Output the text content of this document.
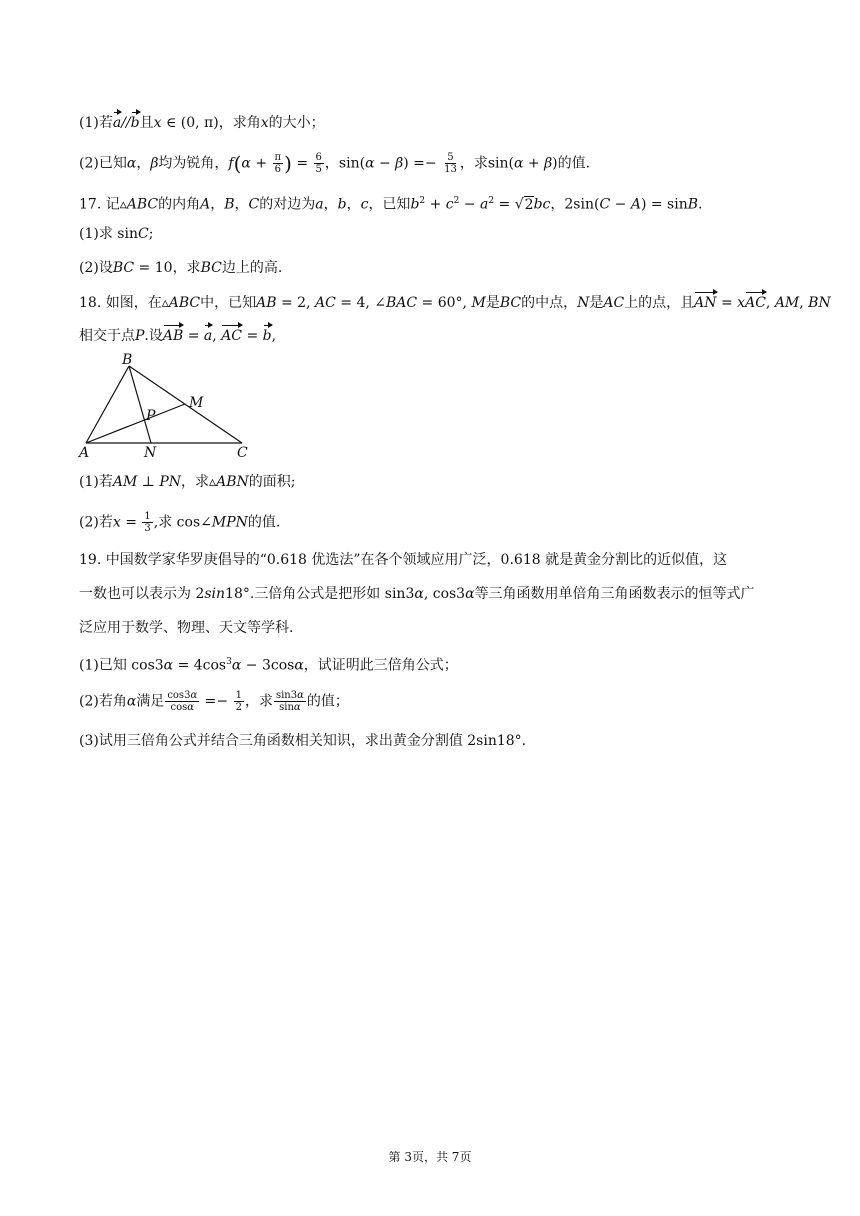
(1)若a//b且x ∈ (0, π)，求角x的大小；
(2)已知α，β均为锐角，$f(\alpha + \frac{\pi}{6}$ ) = $\frac{6}{5}$ ，$\sin(\alpha - \beta) =- \frac{5}{13}$ ，求sin(α + β)的值.
17. 记▵ABC的内角A，B，C的对边为a，b，c，已知$b^2 + c^2 - a^2 = √2bc$，2sin(C − A) = sinB.
(1)求 sinC;
(2)设BC = 10，求BC边上的高.
18. 如图，在▵ABC中，已知AB = 2, AC = 4, ∠BAC = 60°, M是BC的中点，N是AC上的点，且AN = xAC, AM, BN
相交于点P.设AB = a, AC = b,
B
M
P
A	N	C
(1)若AM ⊥ PN，求▵ABN的面积;
(2)若$x = \frac{1}{3}$ ,求 cos∠MPN的值.
19. 中国数学家华罗庚倡导的“0.618 优选法”在各个领域应用广泛，0.618 就是黄金分割比的近似值，这
一数也可以表示为 2sin18°.三倍角公式是把形如 sin3α, cos3α等三角函数用单倍角三角函数表示的恒等式广
泛应用于数学、物理、天文等学科.
(1)已知 $\cos 3\alpha = 4\cos^3\alpha - 3\cos\alpha$，试证明此三倍角公式；
(2)若角α满足 $\frac{\cos 3\alpha}{\cos\alpha} =- \frac{1}{2}$ ，求 $\frac{\sin 3\alpha}{\sin\alpha}$ 的值；
(3)试用三倍角公式并结合三角函数相关知识，求出黄金分割值 2sin18°.
第 3页，共 7页
